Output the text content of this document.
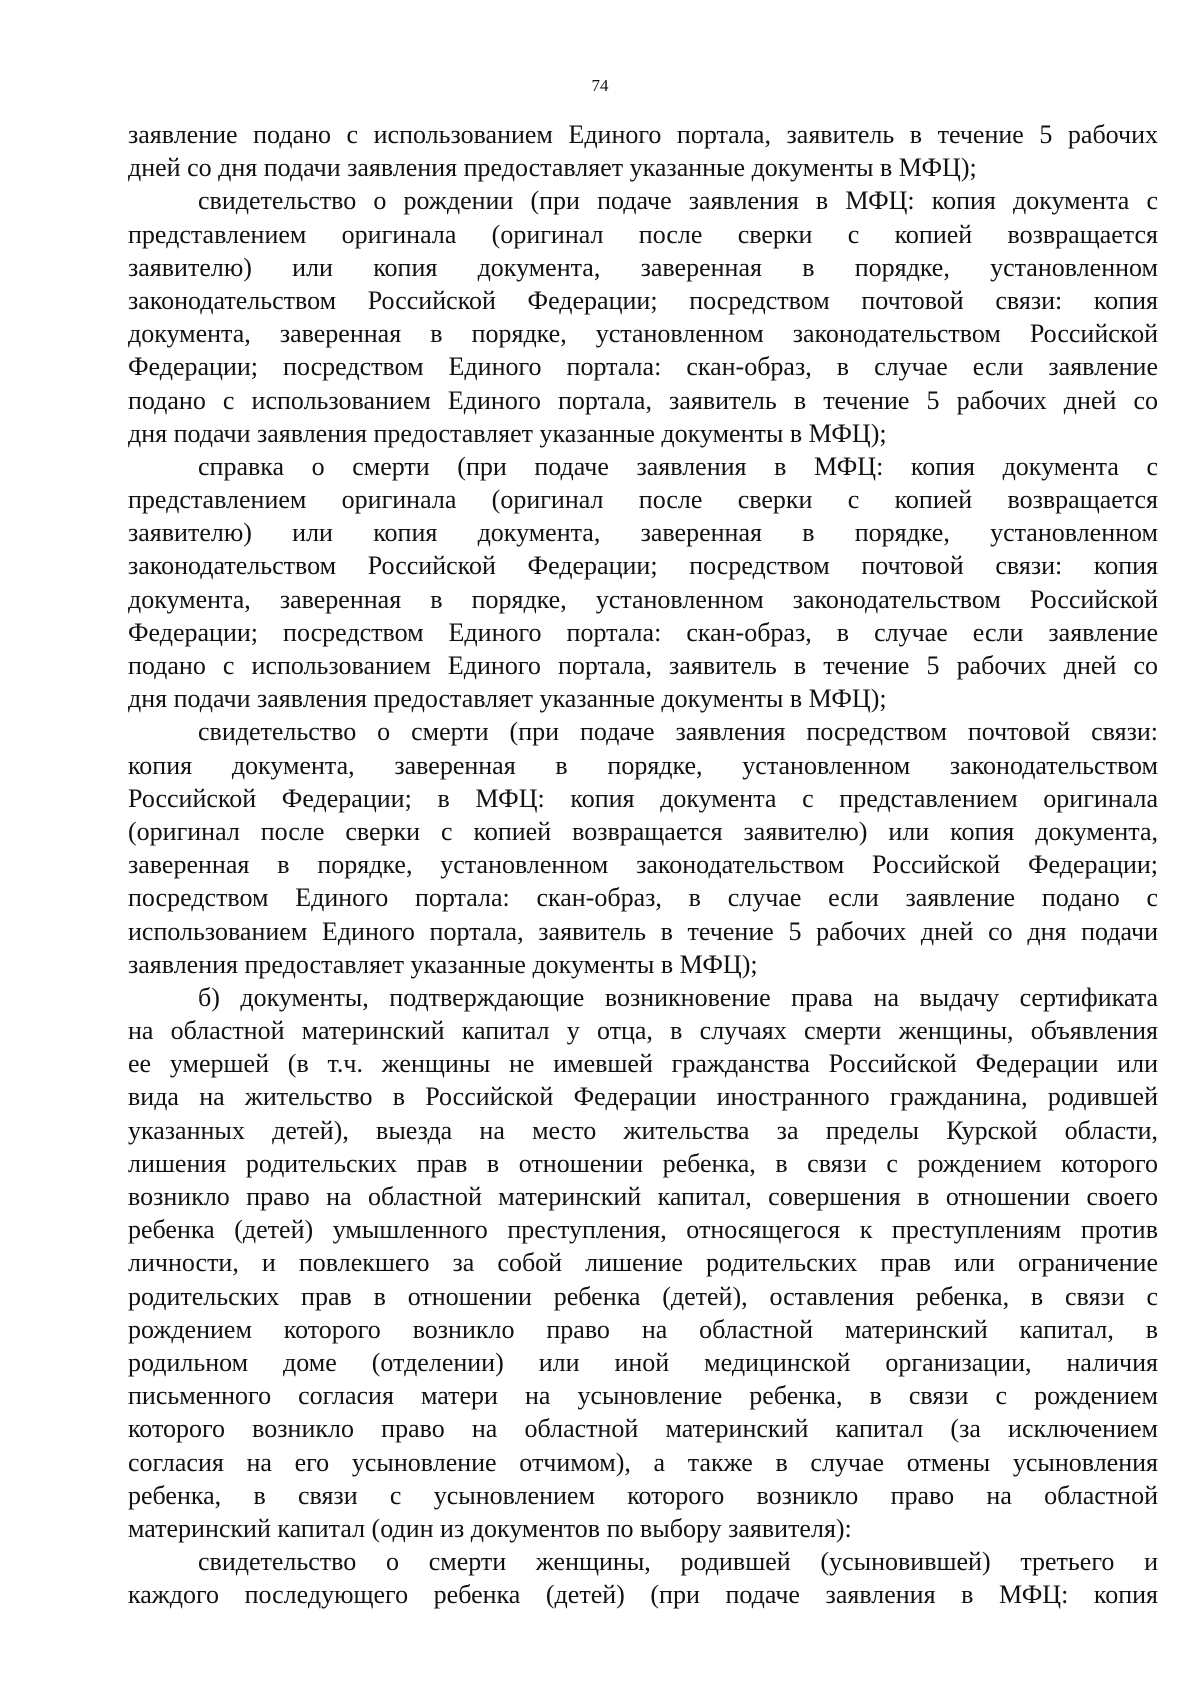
74
заявление подано с использованием Единого портала, заявитель в течение 5 рабочих
дней со дня подачи заявления предоставляет указанные документы в МФЦ);
свидетельство о рождении (при подаче заявления в МФЦ: копия документа с
представлением оригинала (оригинал после сверки с копией возвращается
заявителю) или копия документа, заверенная в порядке, установленном
законодательством Российской Федерации; посредством почтовой связи: копия
документа, заверенная в порядке, установленном законодательством Российской
Федерации; посредством Единого портала: скан-образ, в случае если заявление
подано с использованием Единого портала, заявитель в течение 5 рабочих дней со
дня подачи заявления предоставляет указанные документы в МФЦ);
справка о смерти (при подаче заявления в МФЦ: копия документа с
представлением оригинала (оригинал после сверки с копией возвращается
заявителю) или копия документа, заверенная в порядке, установленном
законодательством Российской Федерации; посредством почтовой связи: копия
документа, заверенная в порядке, установленном законодательством Российской
Федерации; посредством Единого портала: скан-образ, в случае если заявление
подано с использованием Единого портала, заявитель в течение 5 рабочих дней со
дня подачи заявления предоставляет указанные документы в МФЦ);
свидетельство о смерти (при подаче заявления посредством почтовой связи:
копия документа, заверенная в порядке, установленном законодательством
Российской Федерации; в МФЦ: копия документа с представлением оригинала
(оригинал после сверки с копией возвращается заявителю) или копия документа,
заверенная в порядке, установленном законодательством Российской Федерации;
посредством Единого портала: скан-образ, в случае если заявление подано с
использованием Единого портала, заявитель в течение 5 рабочих дней со дня подачи
заявления предоставляет указанные документы в МФЦ);
б) документы, подтверждающие возникновение права на выдачу сертификата
на областной материнский капитал у отца, в случаях смерти женщины, объявления
ее умершей (в т.ч. женщины не имевшей гражданства Российской Федерации или
вида на жительство в Российской Федерации иностранного гражданина, родившей
указанных детей), выезда на место жительства за пределы Курской области,
лишения родительских прав в отношении ребенка, в связи с рождением которого
возникло право на областной материнский капитал, совершения в отношении своего
ребенка (детей) умышленного преступления, относящегося к преступлениям против
личности, и повлекшего за собой лишение родительских прав или ограничение
родительских прав в отношении ребенка (детей), оставления ребенка, в связи с
рождением которого возникло право на областной материнский капитал, в
родильном доме (отделении) или иной медицинской организации, наличия
письменного согласия матери на усыновление ребенка, в связи с рождением
которого возникло право на областной материнский капитал (за исключением
согласия на его усыновление отчимом), а также в случае отмены усыновления
ребенка, в связи с усыновлением которого возникло право на областной
материнский капитал (один из документов по выбору заявителя):
свидетельство о смерти женщины, родившей (усыновившей) третьего и
каждого последующего ребенка (детей) (при подаче заявления в МФЦ: копия
